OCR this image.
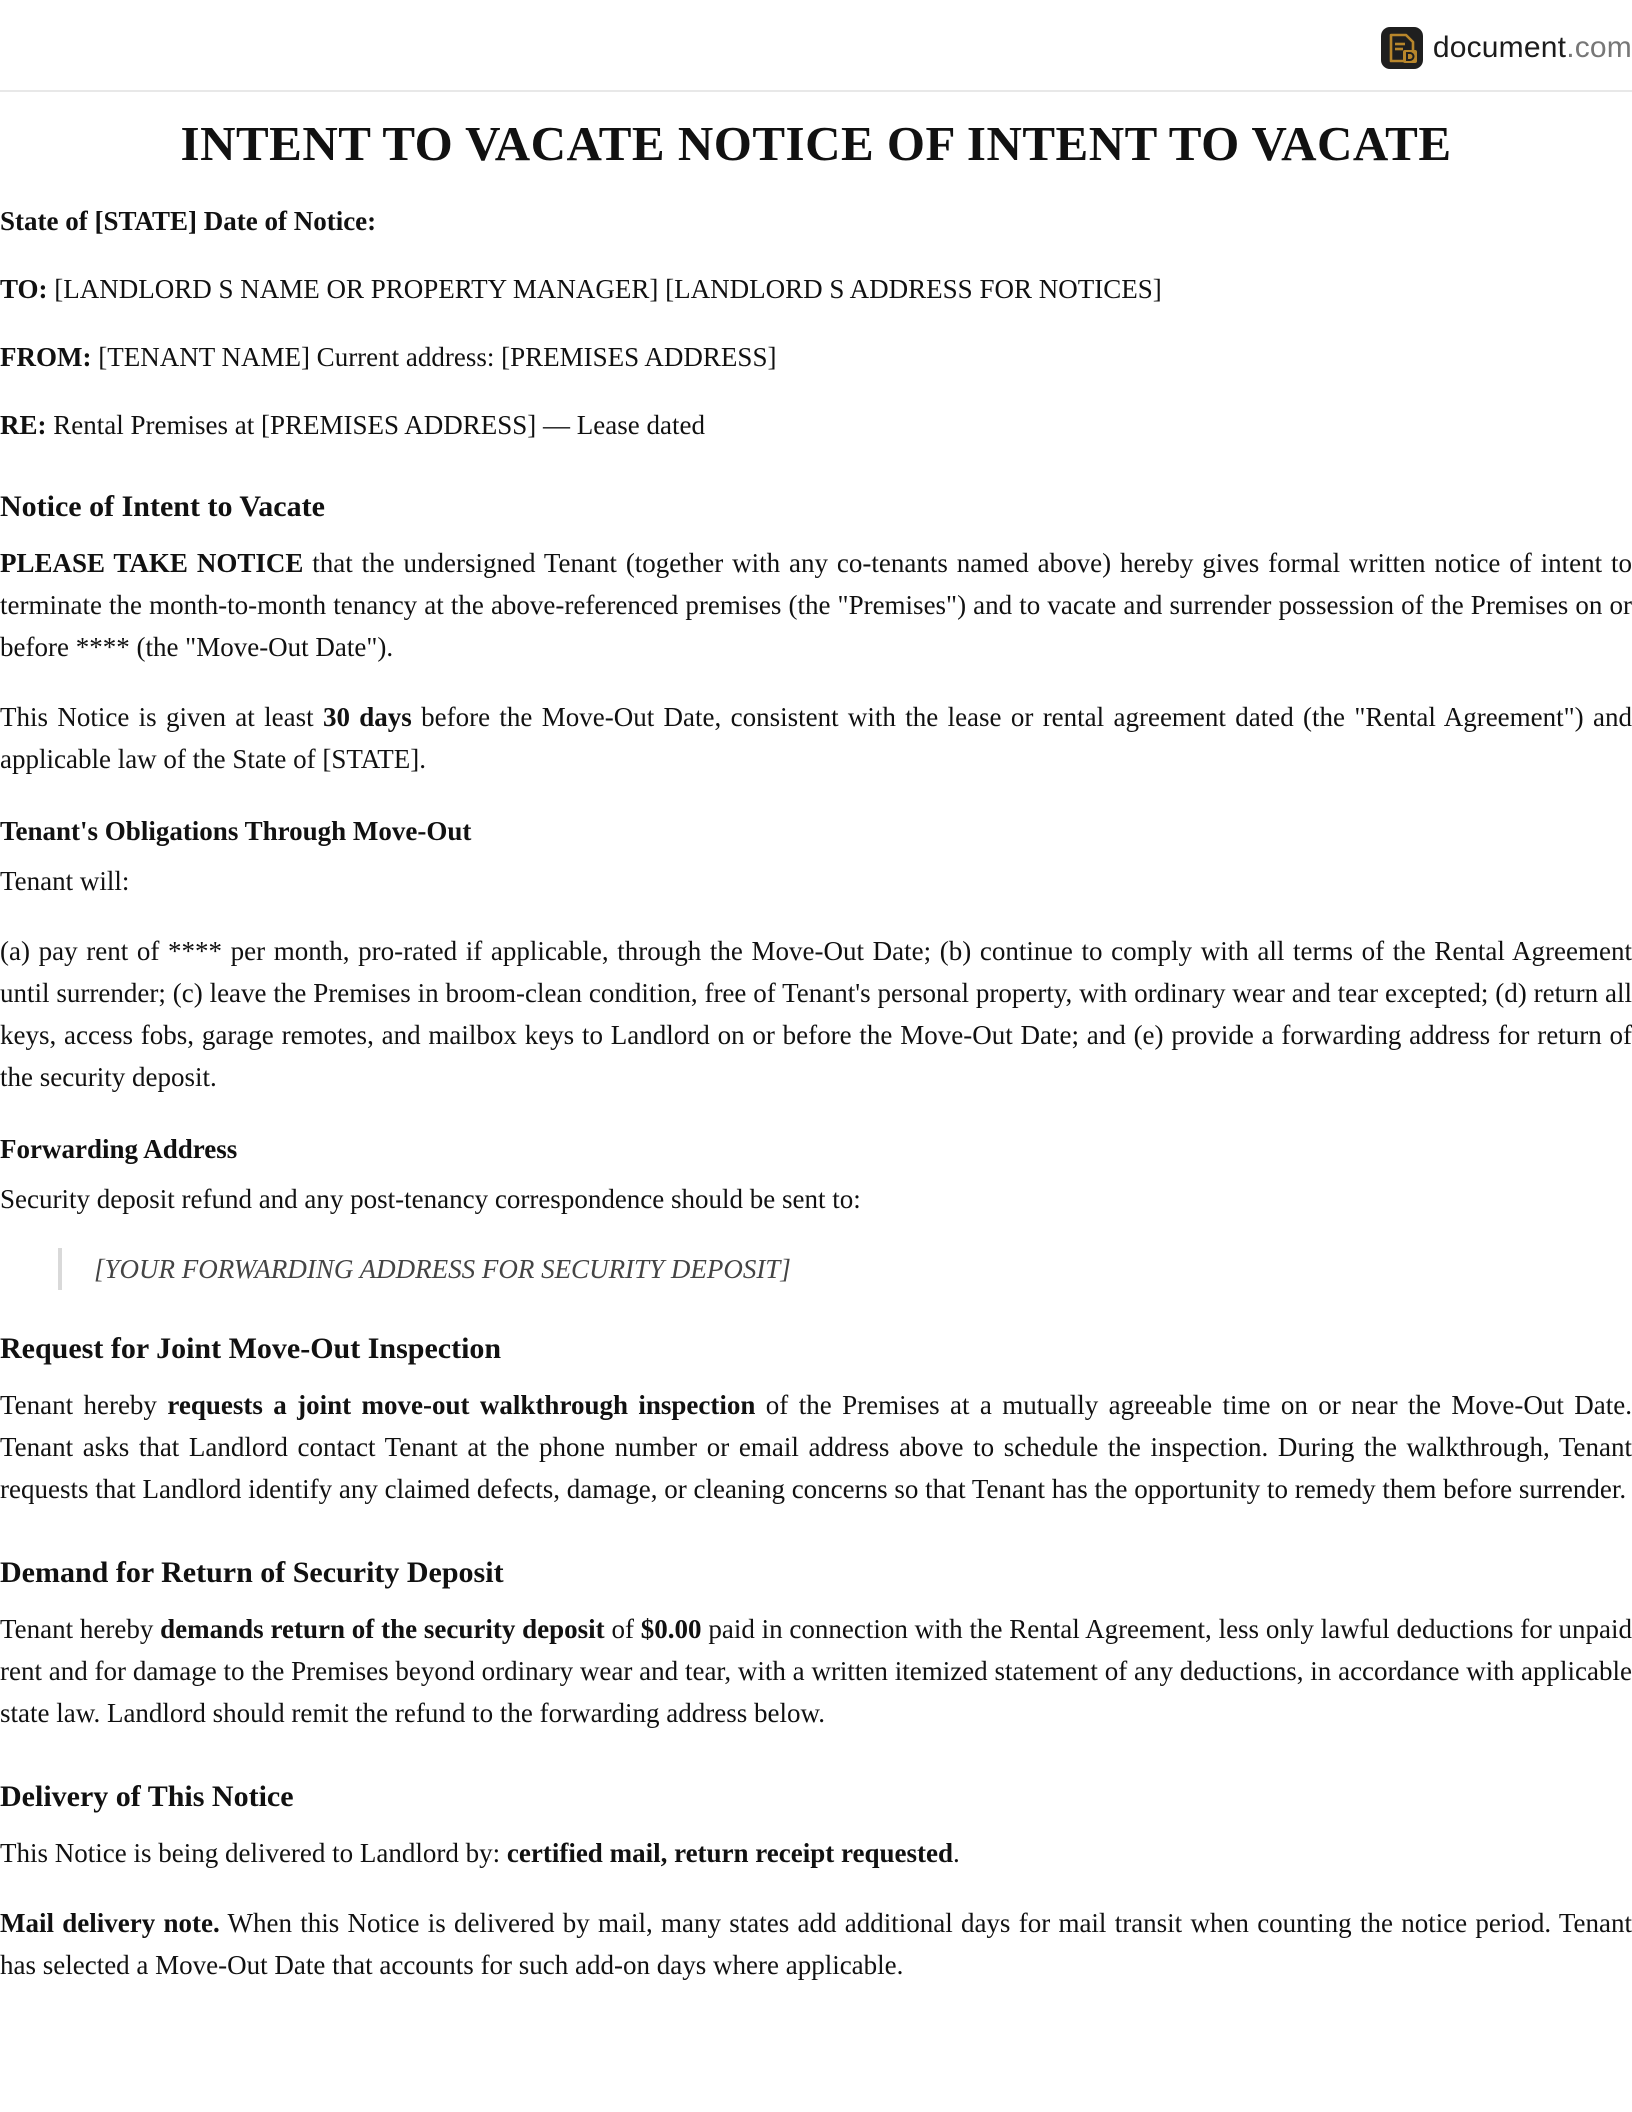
document.com
INTENT TO VACATE NOTICE OF INTENT TO VACATE

State of [STATE] Date of Notice:

TO: [LANDLORD S NAME OR PROPERTY MANAGER] [LANDLORD S ADDRESS FOR NOTICES]

FROM: [TENANT NAME] Current address: [PREMISES ADDRESS]

RE: Rental Premises at [PREMISES ADDRESS] — Lease dated

Notice of Intent to Vacate

PLEASE TAKE NOTICE that the undersigned Tenant (together with any co-tenants named above) hereby gives formal written notice of intent to terminate the month-to-month tenancy at the above-referenced premises (the "Premises") and to vacate and surrender possession of the Premises on or before **** (the "Move-Out Date").

This Notice is given at least 30 days before the Move-Out Date, consistent with the lease or rental agreement dated (the "Rental Agreement") and applicable law of the State of [STATE].

Tenant's Obligations Through Move-Out

Tenant will:

(a) pay rent of **** per month, pro-rated if applicable, through the Move-Out Date; (b) continue to comply with all terms of the Rental Agreement until surrender; (c) leave the Premises in broom-clean condition, free of Tenant's personal property, with ordinary wear and tear excepted; (d) return all keys, access fobs, garage remotes, and mailbox keys to Landlord on or before the Move-Out Date; and (e) provide a forwarding address for return of the security deposit.

Forwarding Address

Security deposit refund and any post-tenancy correspondence should be sent to:

[YOUR FORWARDING ADDRESS FOR SECURITY DEPOSIT]
Request for Joint Move-Out Inspection

Tenant hereby requests a joint move-out walkthrough inspection of the Premises at a mutually agreeable time on or near the Move-Out Date. Tenant asks that Landlord contact Tenant at the phone number or email address above to schedule the inspection. During the walkthrough, Tenant requests that Landlord identify any claimed defects, damage, or cleaning concerns so that Tenant has the opportunity to remedy them before surrender.

Demand for Return of Security Deposit

Tenant hereby demands return of the security deposit of $0.00 paid in connection with the Rental Agreement, less only lawful deductions for unpaid rent and for damage to the Premises beyond ordinary wear and tear, with a written itemized statement of any deductions, in accordance with applicable state law. Landlord should remit the refund to the forwarding address below.

Delivery of This Notice

This Notice is being delivered to Landlord by: certified mail, return receipt requested.

Mail delivery note. When this Notice is delivered by mail, many states add additional days for mail transit when counting the notice period. Tenant has selected a Move-Out Date that accounts for such add-on days where applicable.
